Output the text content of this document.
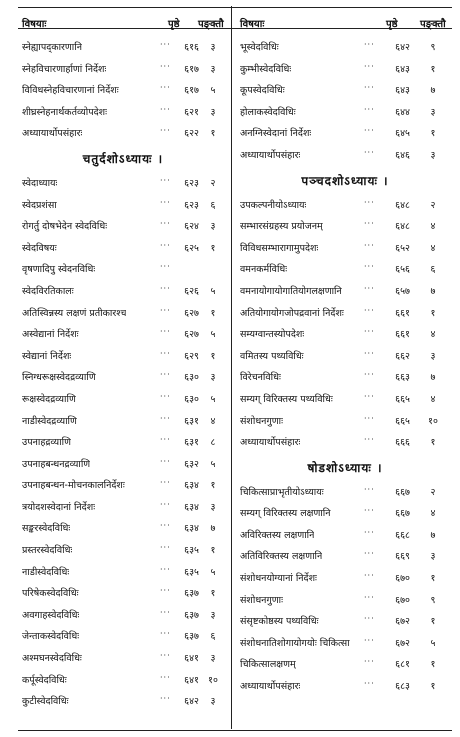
विषयाः	पृष्ठे पङ्क्तौ
स्नेह्यापद्कारणानि	···	६१६	३
स्नेहविचारणार्हाणां निर्देशः	···	६१७	३
विविधस्नेहविचारणानां निर्देशः	···	६१७	५
शीघ्रस्नेहनार्थकर्तव्योपदेशः	···	६२१	३
अध्यायार्थोपसंहारः	···	६२२	१
चतुर्दशोऽध्यायः ।
स्वेदाध्यायः	···	६२३	२
स्वेदप्रशंसा	···	६२३	६
रोगर्तु दोषभेदेन स्वेदविधिः	···	६२४	३
स्वेदविषयः	···	६२५	१
वृषणादिपु स्वेदनविधिः	···
स्वेदविरतिकालः	···	६२६	५
अतिस्विन्नस्य लक्षणं प्रतीकारश्च	···	६२७	१
अस्वेद्यानां निर्देशः	···	६२७	५
स्वेद्यानां निर्देशः	···	६२९	१
स्निग्धरूक्षस्वेदद्रव्याणि	···	६३०	३
रूक्षस्वेदद्रव्याणि	···	६३०	५
नाडीस्वेदद्रव्याणि	···	६३१	४
उपनाहद्रव्याणि	···	६३१	८
उपनाहबन्धनद्रव्याणि	···	६३२	५
उपनाहबन्धन-मोचनकालनिर्देशः	···	६३४	१
त्रयोदशस्वेदानां निर्देशः	···	६३४	३
सङ्करस्वेदविधिः	···	६३४	७
प्रस्तरस्वेदविधिः	···	६३५	१
नाडीस्वेदविधिः	···	६३५	५
परिषेकस्वेदविधिः	···	६३७	१
अवगाहस्वेदविधिः	···	६३७	३
जेन्ताकस्वेदविधिः	···	६३७	६
अश्मघनस्वेदविधिः	···	६४१	३
कर्पूस्वेदविधिः	···	६४१ १०
कुटीस्वेदविधिः	···	६४२	३
विषयाः	पृष्ठे पङ्क्तौ
भूस्वेदविधिः	···	६४२	९
कुम्भीस्वेदविधिः	···	६४३	१
कूपस्वेदविधिः	···	६४३	७
होलाकस्वेदविधिः	···	६४४	३
अनग्निस्वेदानां निर्देशः	···	६४५	१
अध्यायार्थोपसंहारः	···	६४६	३
पञ्चदशोऽध्यायः ।
उपकल्पनीयोऽध्यायः	···	६४८	२
सम्भारसंग्रहस्य प्रयोजनम्	···	६४८	४
विविधसम्भारागामुपदेशः	···	६५२	४
वमनकर्मविधिः	···	६५६	६
वमनायोगायोगातियोगलक्षणानि	···	६५७	७
अतियोगायोगजोपद्रवानां निर्देशः	···	६६१	१
सम्यग्वान्तस्योपदेशः	···	६६१	४
वमितस्य पथ्यविधिः	···	६६२	३
विरेचनविधिः	···	६६३	७
सम्यग् विरिक्तस्य पथ्यविधिः	···	६६५	४
संशोधनगुणाः	···	६६५	१०
अध्यायार्थोपसंहारः	···	६६६	१
षोडशोऽध्यायः ।
चिकित्साप्राभृतीयोऽध्यायः	···	६६७	२
सम्यग् विरिक्तस्य लक्षणानि	···	६६७	४
अविरिक्तस्य लक्षणानि	···	६६८	७
अतिविरिक्तस्य लक्षणानि	···	६६९	३
संशोधनयोग्यानां निर्देशः	···	६७०	१
संशोधनगुणाः	···	६७०	९
संसृष्टकोष्ठस्य पथ्यविधिः	···	६७२	१
संशोधनातिशोगायोगयोः चिकित्सा ···	६७२	५
चिकित्सालक्षणम्	···	६८१	१
अध्यायार्थोपसंहारः	···	६८३	१
